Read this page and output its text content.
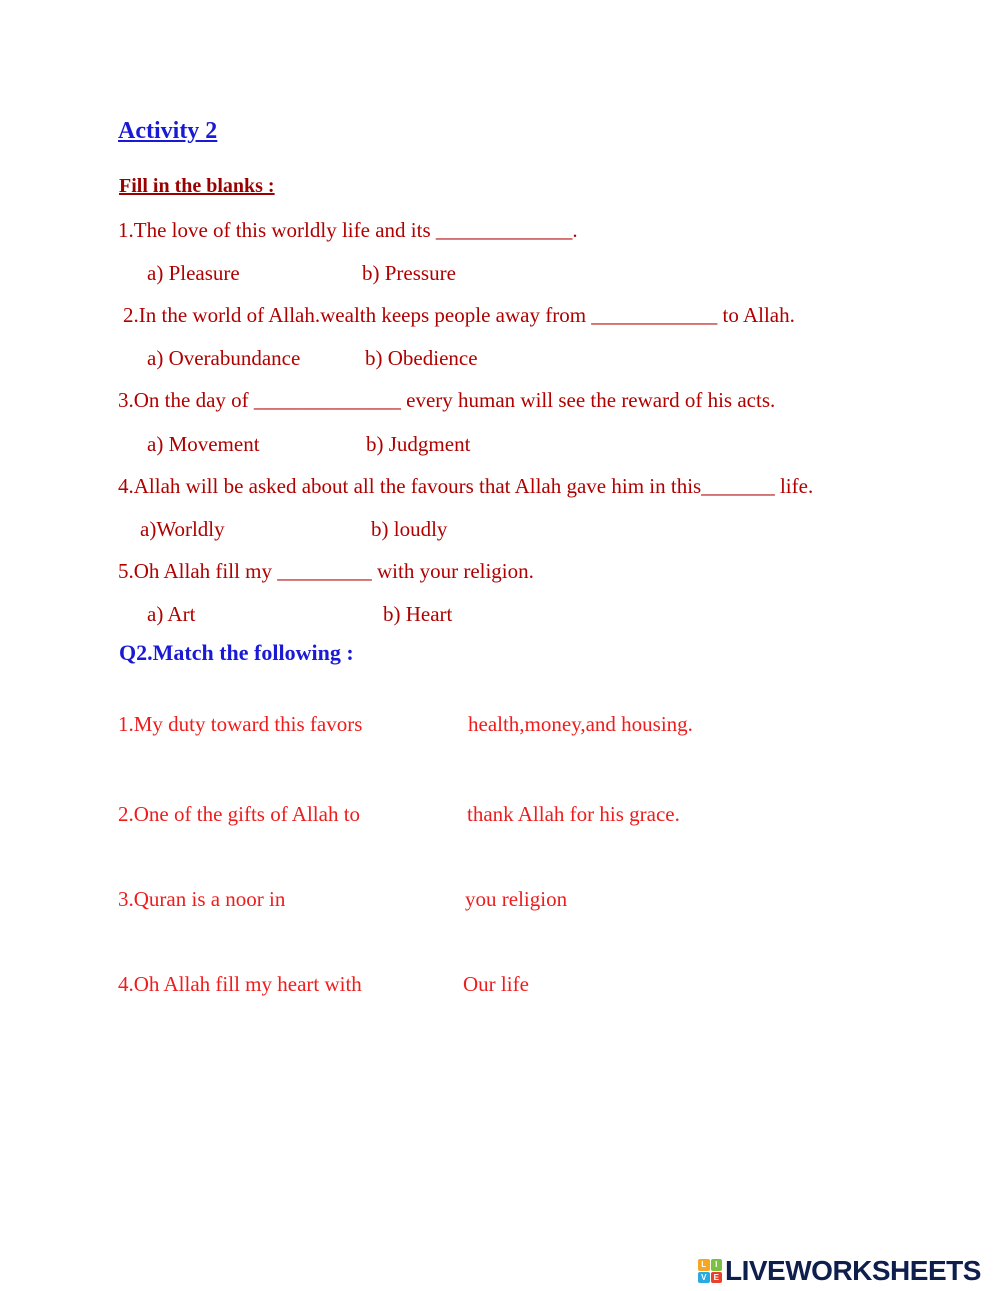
Activity 2
Fill in the blanks :
1.The love of this worldly life and its _____________.
a) Pleasure	b) Pressure
2.In the world of Allah.wealth keeps people away from ____________ to Allah.
a) Overabundance	b) Obedience
3.On the day of ______________ every human will see the reward of his acts.
a) Movement	b) Judgment
4.Allah will be asked about all the favours that Allah gave him in this_______ life.
a)Worldly	b) loudly
5.Oh Allah fill my _________ with your religion.
a) Art	b) Heart
Q2.Match the following :
1.My duty toward this favors	health,money,and housing.
2.One of the gifts of Allah to	thank Allah for his grace.
3.Quran is a noor in	you religion
4.Oh Allah fill my heart with	Our life
L	I
V E LIVEWORKSHEETS
